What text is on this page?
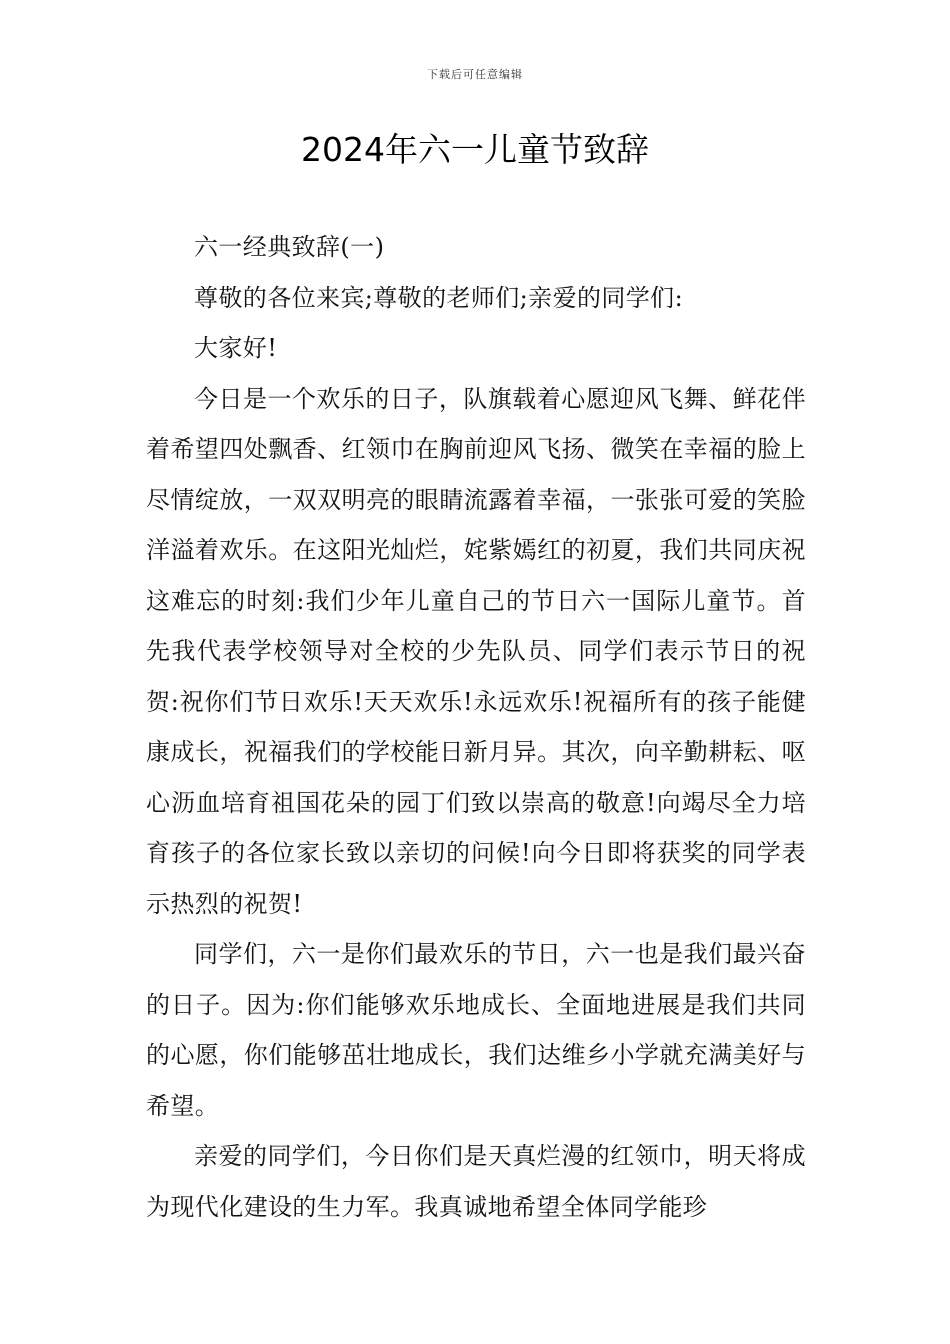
下载后可任意编辑
2024年六一儿童节致辞

六一经典致辞(一)

尊敬的各位来宾;尊敬的老师们;亲爱的同学们:

大家好!

今日是一个欢乐的日子，队旗载着心愿迎风飞舞、鲜花伴着希望四处飘香、红领巾在胸前迎风飞扬、微笑在幸福的脸上尽情绽放，一双双明亮的眼睛流露着幸福，一张张可爱的笑脸洋溢着欢乐。在这阳光灿烂，姹紫嫣红的初夏，我们共同庆祝这难忘的时刻:我们少年儿童自己的节日六一国际儿童节。首先我代表学校领导对全校的少先队员、同学们表示节日的祝贺:祝你们节日欢乐!天天欢乐!永远欢乐!祝福所有的孩子能健康成长，祝福我们的学校能日新月异。其次，向辛勤耕耘、呕心沥血培育祖国花朵的园丁们致以崇高的敬意!向竭尽全力培育孩子的各位家长致以亲切的问候!向今日即将获奖的同学表示热烈的祝贺!

同学们，六一是你们最欢乐的节日，六一也是我们最兴奋的日子。因为:你们能够欢乐地成长、全面地进展是我们共同的心愿，你们能够茁壮地成长，我们达维乡小学就充满美好与希望。

亲爱的同学们，今日你们是天真烂漫的红领巾，明天将成为现代化建设的生力军。我真诚地希望全体同学能珍
